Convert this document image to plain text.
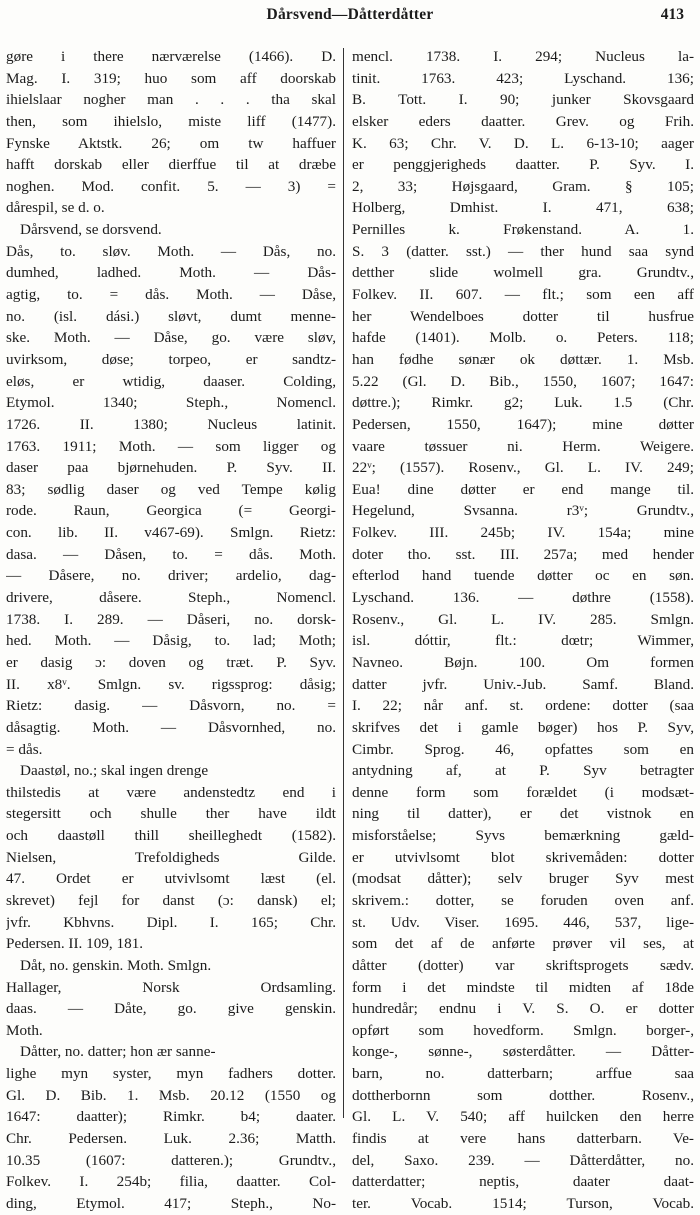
Dårsvend—Dåtterdåtter	413
gøre i there nærværelse (1466). D.
Mag. I. 319; huo som aff doorskab
ihielslaar nogher man . . . tha skal
then, som ihielslo, miste liff (1477).
Fynske Aktstk. 26; om tw haffuer
hafft dorskab eller dierffue til at dræbe
noghen. Mod. confit. 5. — 3) =
dårespil, se d. o.
Dårsvend, se dorsvend.
Dås, to. sløv. Moth. — Dås, no.
dumhed, ladhed. Moth. — Dås-
agtig, to. = dås. Moth. — Dåse,
no. (isl. dási.) sløvt, dumt menne-
ske. Moth. — Dåse, go. være sløv,
uvirksom, døse; torpeo, er sandtz-
eløs, er wtidig, daaser. Colding,
Etymol. 1340; Steph., Nomencl.
1726. II. 1380; Nucleus latinit.
1763. 1911; Moth. — som ligger og
daser paa bjørnehuden. P. Syv. II.
83; sødlig daser og ved Tempe kølig
rode. Raun, Georgica (= Georgi-
con. lib. II. v467-69). Smlgn. Rietz:
dasa. — Dåsen, to. = dås. Moth.
— Dåsere, no. driver; ardelio, dag-
drivere, dåsere. Steph., Nomencl.
1738. I. 289. — Dåseri, no. dorsk-
hed. Moth. — Dåsig, to. lad; Moth;
er dasig ɔ: doven og træt. P. Syv.
II. x8ᵛ. Smlgn. sv. rigssprog: dåsig;
Rietz: dasig. — Dåsvorn, no. =
dåsagtig. Moth. — Dåsvornhed, no.
= dås.
Daastøl, no.; skal ingen drenge
thilstedis at være andenstedtz end i
stegersitt och shulle ther have ildt
och daastøll thill sheilleghedt (1582).
Nielsen, Trefoldigheds Gilde.
47. Ordet er utvivlsomt læst (el.
skrevet) fejl for danst (ɔ: dansk) el;
jvfr. Kbhvns. Dipl. I. 165; Chr.
Pedersen. II. 109, 181.
Dåt, no. genskin. Moth. Smlgn.
Hallager, Norsk Ordsamling.
daas. — Dåte, go. give genskin.
Moth.
Dåtter, no. datter; hon ær sanne-
lighe myn syster, myn fadhers dotter.
Gl. D. Bib. 1. Msb. 20.12 (1550 og
1647: daatter); Rimkr. b4; daater.
Chr. Pedersen. Luk. 2.36; Matth.
10.35 (1607: datteren.); Grundtv.,
Folkev. I. 254b; filia, daatter. Col-
ding, Etymol. 417; Steph., No-
mencl. 1738. I. 294; Nucleus la-
tinit. 1763. 423; Lyschand. 136;
B. Tott. I. 90; junker Skovsgaard
elsker eders daatter. Grev. og Frih.
K. 63; Chr. V. D. L. 6-13-10; aager
er penggjerigheds daatter. P. Syv. I.
2, 33; Højsgaard, Gram. § 105;
Holberg, Dmhist. I. 471, 638;
Pernilles k. Frøkenstand. A. 1.
S. 3 (datter. sst.) — ther hund saa synd
detther slide wolmell gra. Grundtv.,
Folkev. II. 607. — flt.; som een aff
her Wendelboes dotter til husfrue
hafde (1401). Molb. o. Peters. 118;
han fødhe sønær ok døttær. 1. Msb.
5.22 (Gl. D. Bib., 1550, 1607; 1647:
døttre.); Rimkr. g2; Luk. 1.5 (Chr.
Pedersen, 1550, 1647); mine døtter
vaare tøssuer ni. Herm. Weigere.
22ᵛ; (1557). Rosenv., Gl. L. IV. 249;
Eua! dine døtter er end mange til.
Hegelund, Svsanna. r3ᵛ; Grundtv.,
Folkev. III. 245b; IV. 154a; mine
doter tho. sst. III. 257a; med hender
efterlod hand tuende døtter oc en søn.
Lyschand. 136. — døthre (1558).
Rosenv., Gl. L. IV. 285. Smlgn.
isl. dóttir, flt.: dœtr; Wimmer,
Navneo. Bøjn. 100. Om formen
datter jvfr. Univ.-Jub. Samf. Bland.
I. 22; når anf. st. ordene: dotter (saa
skrifves det i gamle bøger) hos P. Syv,
Cimbr. Sprog. 46, opfattes som en
antydning af, at P. Syv betragter
denne form som forældet (i modsæt-
ning til datter), er det vistnok en
misforståelse; Syvs bemærkning gæld-
er utvivlsomt blot skrivemåden: dotter
(modsat dåtter); selv bruger Syv mest
skrivem.: dotter, se foruden oven anf.
st. Udv. Viser. 1695. 446, 537, lige-
som det af de anførte prøver vil ses, at
dåtter (dotter) var skriftsprogets sædv.
form i det mindste til midten af 18de
hundredår; endnu i V. S. O. er dotter
opført som hovedform. Smlgn. borger-,
konge-, sønne-, søsterdåtter. — Dåtter-
barn, no. datterbarn; arffue saa
dottherbornn som dotther. Rosenv.,
Gl. L. V. 540; aff huilcken den herre
findis at vere hans datterbarn. Ve-
del, Saxo. 239. — Dåtterdåtter, no.
datterdatter; neptis, daater daat-
ter. Vocab. 1514; Turson, Vocab.
